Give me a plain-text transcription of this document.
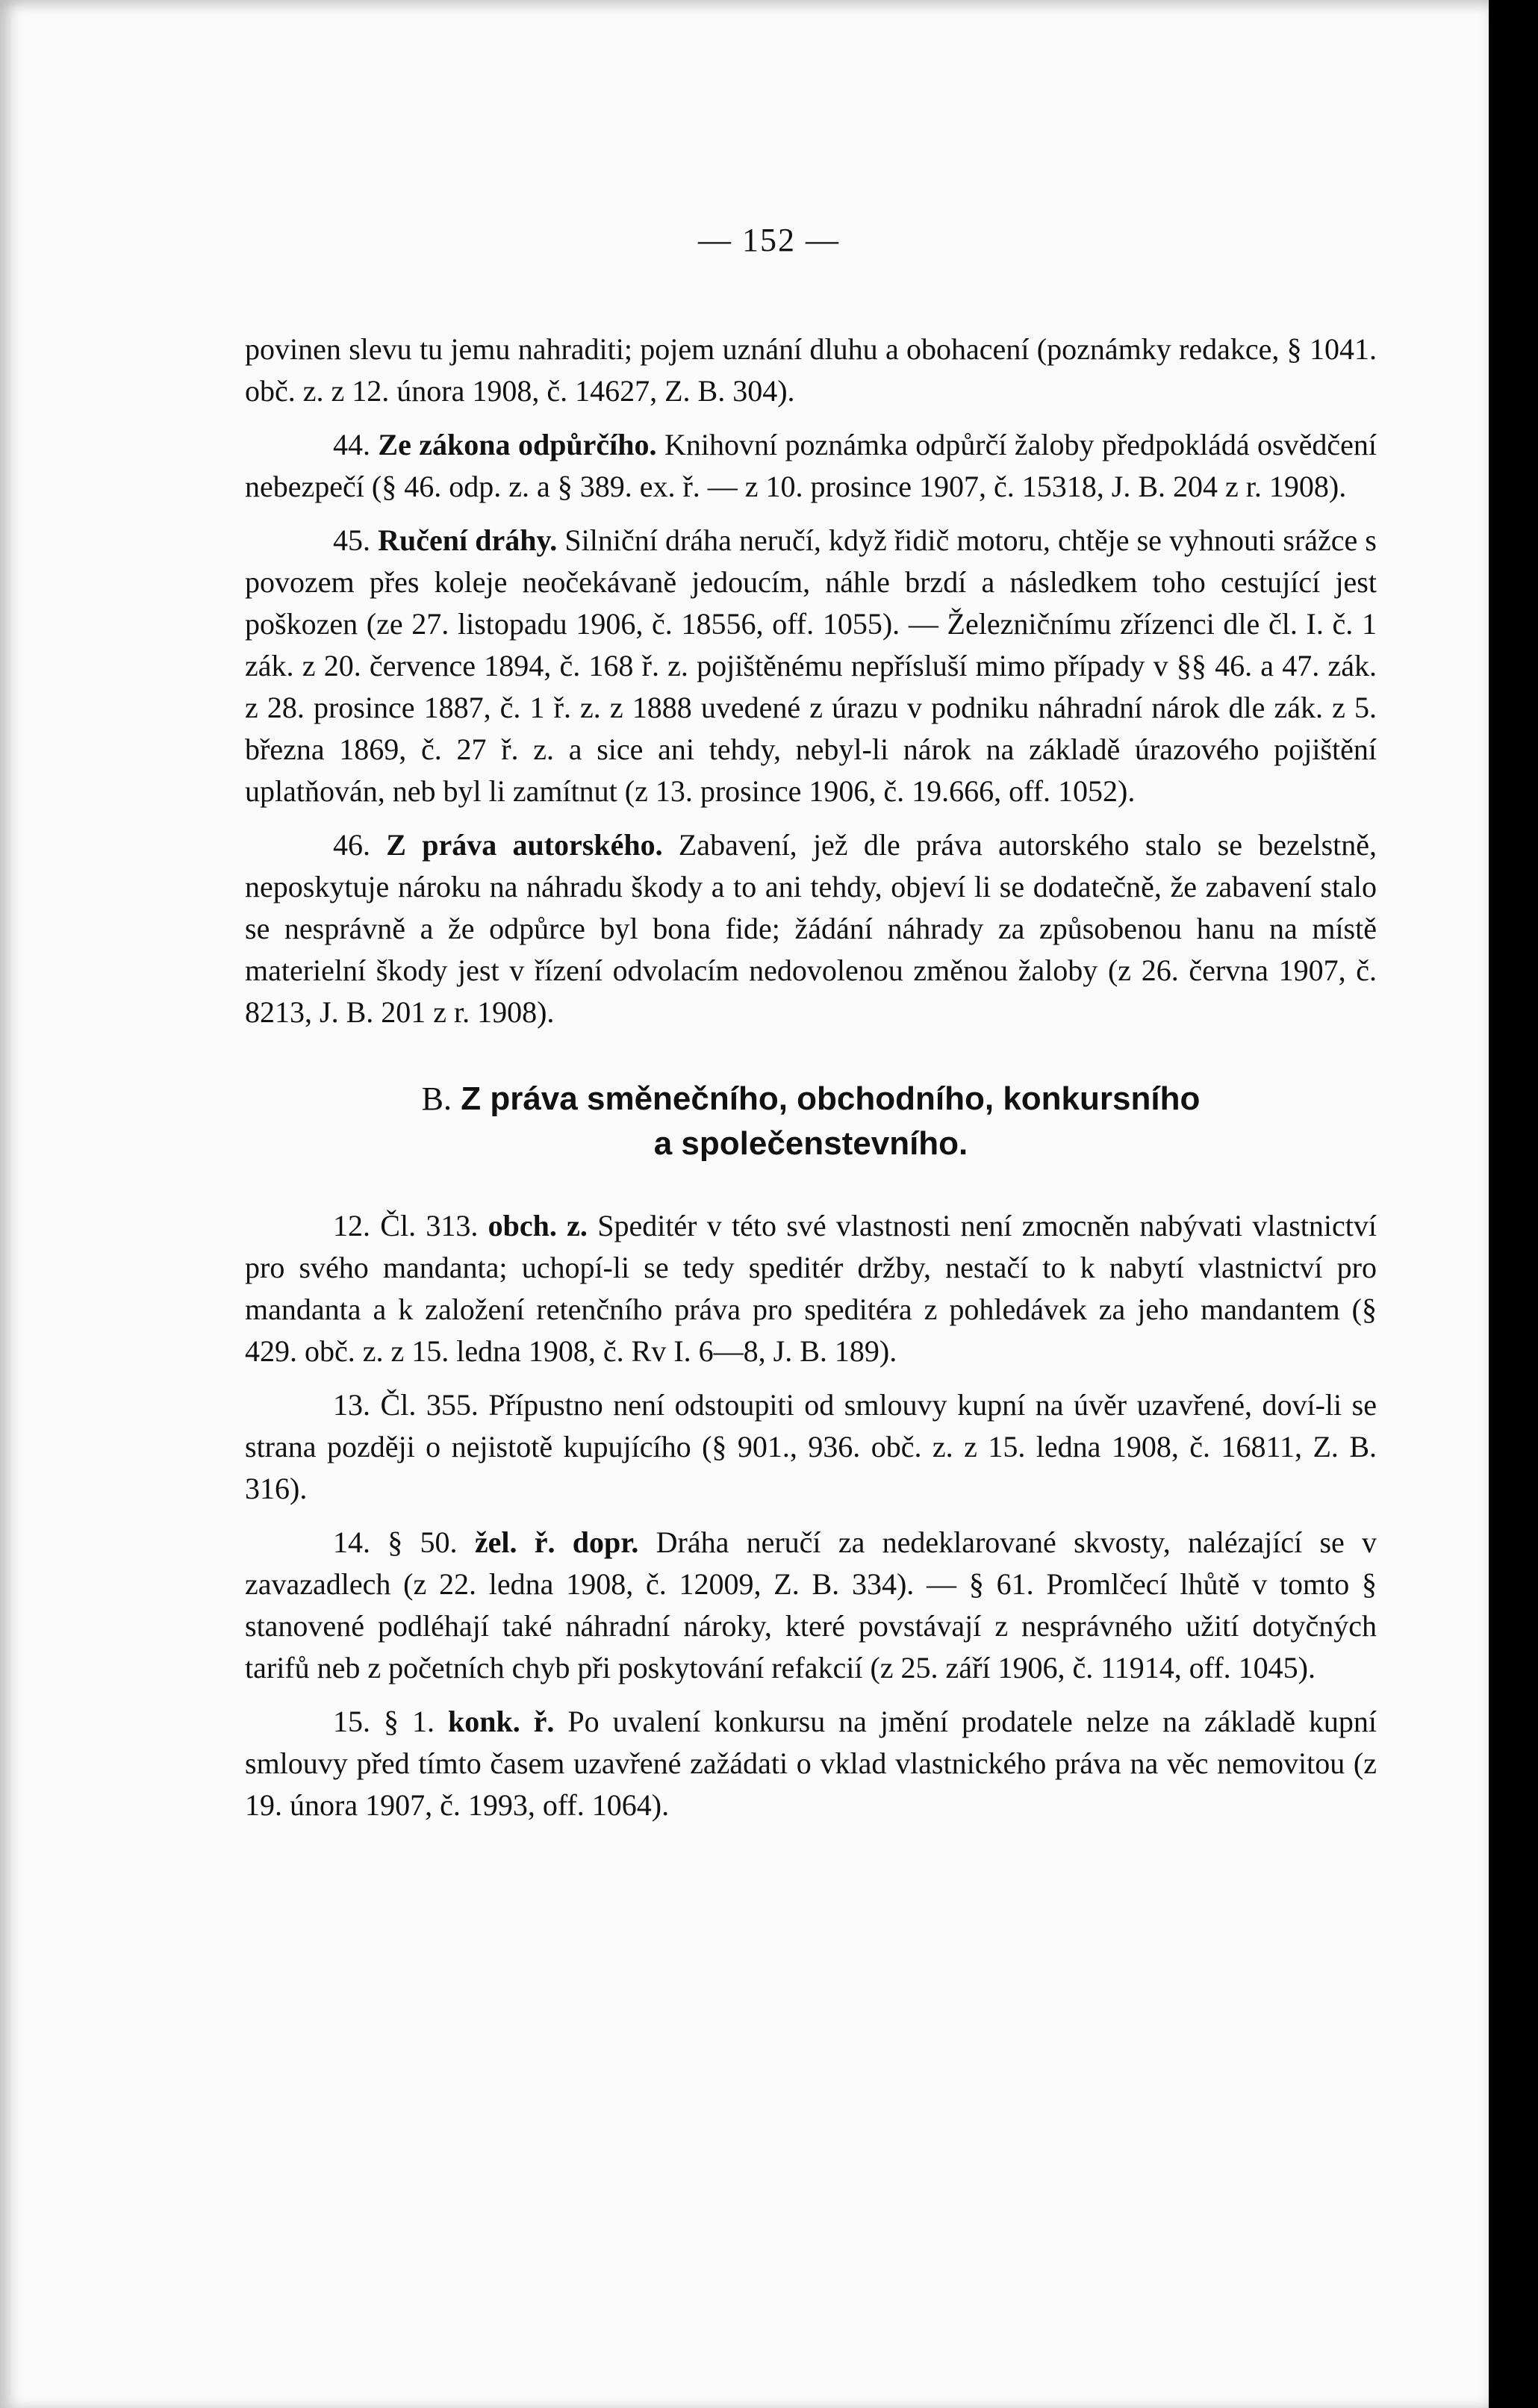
— 152 —

povinen slevu tu jemu nahraditi; pojem uznání dluhu a obohacení (poznámky redakce, § 1041. obč. z. z 12. února 1908, č. 14627, Z. B. 304).

44. Ze zákona odpůrčího. Knihovní poznámka odpůrčí žaloby předpokládá osvědčení nebezpečí (§ 46. odp. z. a § 389. ex. ř. — z 10. prosince 1907, č. 15318, J. B. 204 z r. 1908).

45. Ručení dráhy. Silniční dráha neručí, když řidič motoru, chtěje se vyhnouti srážce s povozem přes koleje neočekávaně jedoucím, náhle brzdí a následkem toho cestující jest poškozen (ze 27. listopadu 1906, č. 18556, off. 1055). — Železničnímu zřízenci dle čl. I. č. 1 zák. z 20. července 1894, č. 168 ř. z. pojištěnému nepřísluší mimo případy v §§ 46. a 47. zák. z 28. prosince 1887, č. 1 ř. z. z 1888 uvedené z úrazu v podniku náhradní nárok dle zák. z 5. března 1869, č. 27 ř. z. a sice ani tehdy, nebyl-li nárok na základě úrazového pojištění uplatňován, neb byl li zamítnut (z 13. prosince 1906, č. 19.666, off. 1052).

46. Z práva autorského. Zabavení, jež dle práva autorského stalo se bezelstně, neposkytuje nároku na náhradu škody a to ani tehdy, objeví li se dodatečně, že zabavení stalo se nesprávně a že odpůrce byl bona fide; žádání náhrady za způsobenou hanu na místě materielní škody jest v řízení odvolacím nedovolenou změnou žaloby (z 26. června 1907, č. 8213, J. B. 201 z r. 1908).

B. Z práva směnečního, obchodního, konkursního
a společenstevního.

12. Čl. 313. obch. z. Speditér v této své vlastnosti není zmocněn nabývati vlastnictví pro svého mandanta; uchopí-li se tedy speditér držby, nestačí to k nabytí vlastnictví pro mandanta a k založení retenčního práva pro speditéra z pohledávek za jeho mandantem (§ 429. obč. z. z 15. ledna 1908, č. Rv I. 6—8, J. B. 189).

13. Čl. 355. Přípustno není odstoupiti od smlouvy kupní na úvěr uzavřené, doví-li se strana později o nejistotě kupujícího (§ 901., 936. obč. z. z 15. ledna 1908, č. 16811, Z. B. 316).

14. § 50. žel. ř. dopr. Dráha neručí za nedeklarované skvosty, nalézající se v zavazadlech (z 22. ledna 1908, č. 12009, Z. B. 334). — § 61. Promlčecí lhůtě v tomto § stanovené podléhají také náhradní nároky, které povstávají z nesprávného užití dotyčných tarifů neb z početních chyb při poskytování refakcií (z 25. září 1906, č. 11914, off. 1045).

15. § 1. konk. ř. Po uvalení konkursu na jmění prodatele nelze na základě kupní smlouvy před tímto časem uzavřené zažádati o vklad vlastnického práva na věc nemovitou (z 19. února 1907, č. 1993, off. 1064).
